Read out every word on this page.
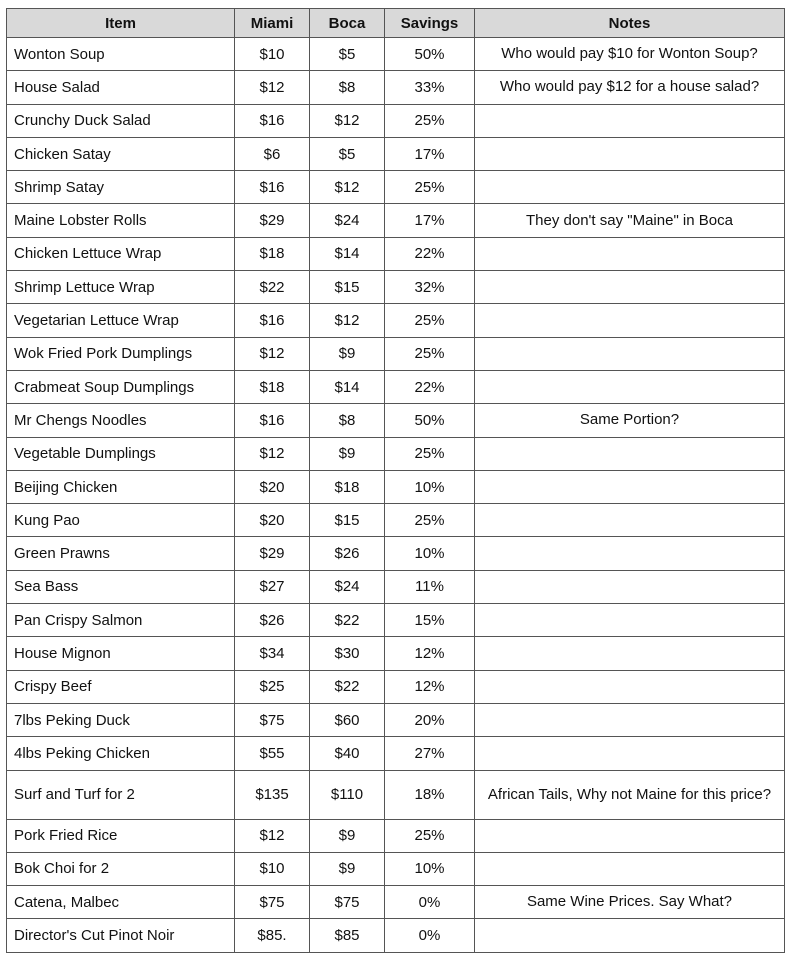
Item	Miami	Boca	Savings	Notes
Wonton Soup	$10	$5	50%	Who would pay $10 for Wonton Soup?
House Salad	$12	$8	33%	Who would pay $12 for a house salad?
Crunchy Duck Salad	$16	$12	25%	
Chicken Satay	$6	$5	17%	
Shrimp Satay	$16	$12	25%	
Maine Lobster Rolls	$29	$24	17%	They don't say "Maine" in Boca
Chicken Lettuce Wrap	$18	$14	22%	
Shrimp Lettuce Wrap	$22	$15	32%	
Vegetarian Lettuce Wrap	$16	$12	25%	
Wok Fried Pork Dumplings	$12	$9	25%	
Crabmeat Soup Dumplings	$18	$14	22%	
Mr Chengs Noodles	$16	$8	50%	Same Portion?
Vegetable Dumplings	$12	$9	25%	
Beijing Chicken	$20	$18	10%	
Kung Pao	$20	$15	25%	
Green Prawns	$29	$26	10%	
Sea Bass	$27	$24	11%	
Pan Crispy Salmon	$26	$22	15%	
House Mignon	$34	$30	12%	
Crispy Beef	$25	$22	12%	
7lbs Peking Duck	$75	$60	20%	
4lbs Peking Chicken	$55	$40	27%	
Surf and Turf for 2	$135	$110	18%	African Tails, Why not Maine for this price?
Pork Fried Rice	$12	$9	25%	
Bok Choi for 2	$10	$9	10%	
Catena, Malbec	$75	$75	0%	Same Wine Prices. Say What?
Director's Cut Pinot Noir	$85.	$85	0%	
